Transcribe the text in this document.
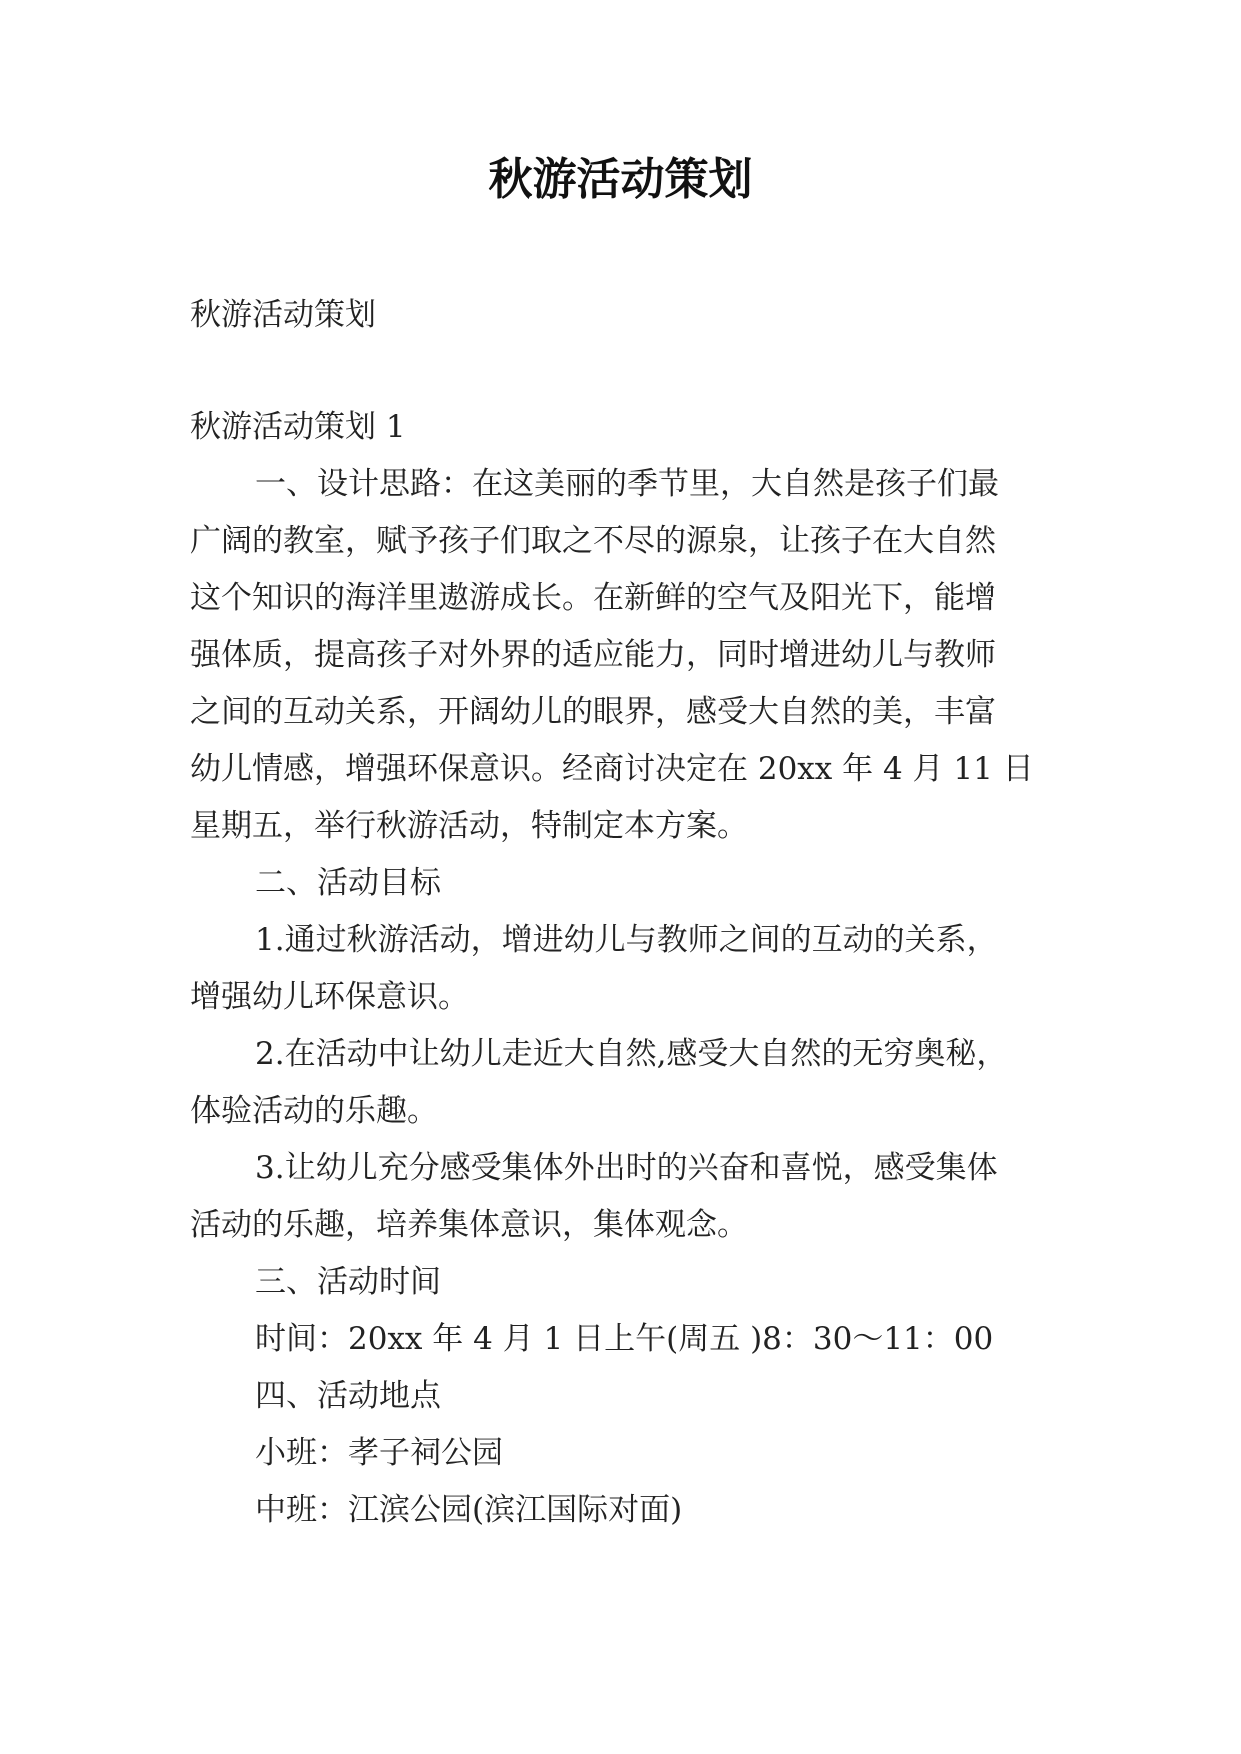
秋游活动策划
秋游活动策划
秋游活动策划 1
一、设计思路：在这美丽的季节里，大自然是孩子们最
广阔的教室，赋予孩子们取之不尽的源泉，让孩子在大自然
这个知识的海洋里遨游成长。在新鲜的空气及阳光下，能增
强体质，提高孩子对外界的适应能力，同时增进幼儿与教师
之间的互动关系，开阔幼儿的眼界，感受大自然的美，丰富
幼儿情感，增强环保意识。经商讨决定在 20xx 年 4 月 11 日
星期五，举行秋游活动，特制定本方案。
二、活动目标
1.通过秋游活动，增进幼儿与教师之间的互动的关系，
增强幼儿环保意识。
2.在活动中让幼儿走近大自然,感受大自然的无穷奥秘，
体验活动的乐趣。
3.让幼儿充分感受集体外出时的兴奋和喜悦，感受集体
活动的乐趣，培养集体意识，集体观念。
三、活动时间
时间：20xx 年 4 月 1 日上午(周五 )8：30～11：00
四、活动地点
小班：孝子祠公园
中班：江滨公园(滨江国际对面)
